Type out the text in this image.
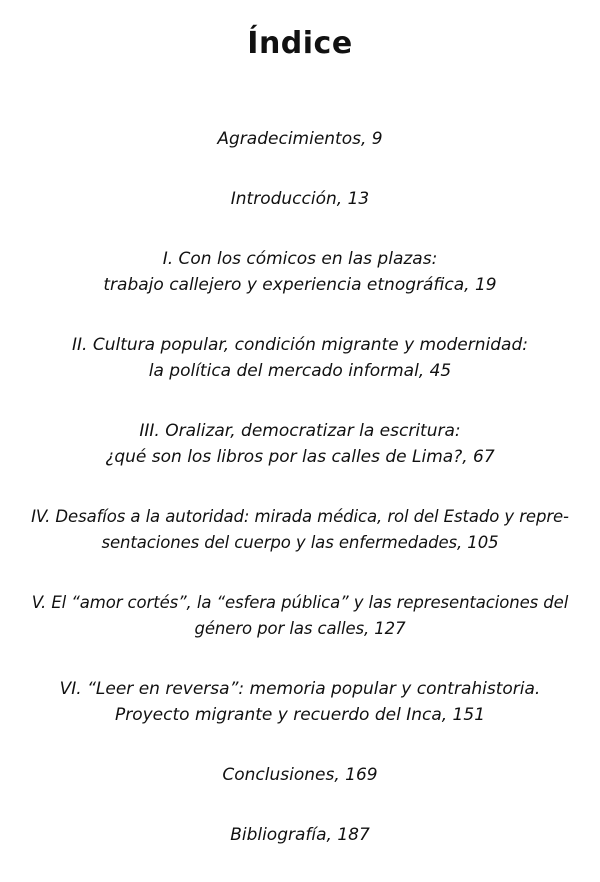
Índice
Agradecimientos, 9
Introducción, 13
I. Con los cómicos en las plazas:
trabajo callejero y experiencia etnográfica, 19
II. Cultura popular, condición migrante y modernidad:
la política del mercado informal, 45
III. Oralizar, democratizar la escritura:
¿qué son los libros por las calles de Lima?, 67
IV. Desafíos a la autoridad: mirada médica, rol del Estado y repre-
sentaciones del cuerpo y las enfermedades, 105
V. El “amor cortés”, la “esfera pública” y las representaciones del
género por las calles, 127
VI. “Leer en reversa”: memoria popular y contrahistoria.
Proyecto migrante y recuerdo del Inca, 151
Conclusiones, 169
Bibliografía, 187
